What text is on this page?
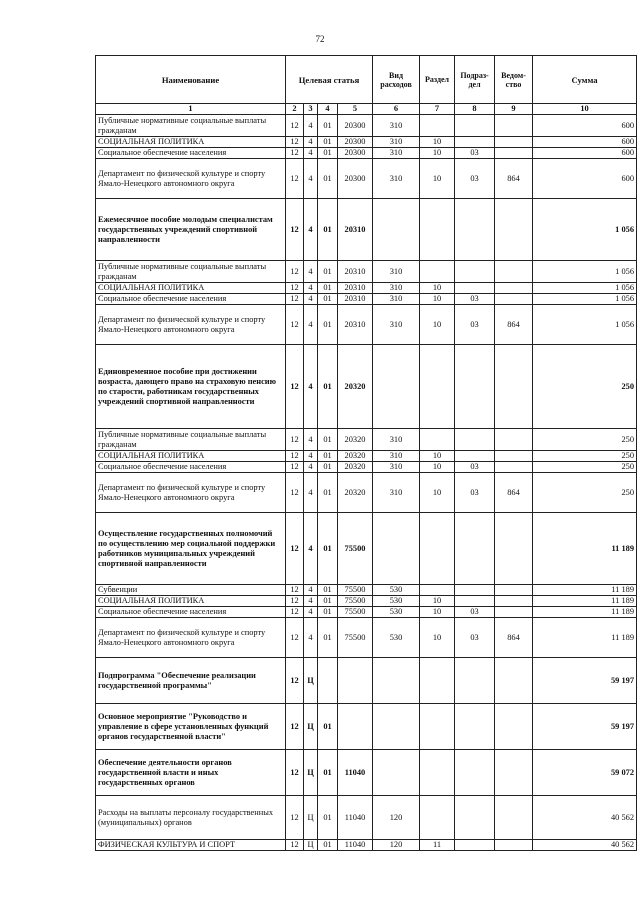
72
Наименование	Целевая статья				Вид расходов	Раздел	Подраз-дел	Ведом-ство	Сумма
1	2	3	4	5	6	7	8	9	10
Публичные нормативные социальные выплаты гражданам	12	4	01	20300	310				600
СОЦИАЛЬНАЯ ПОЛИТИКА	12	4	01	20300	310	10			600
Социальное обеспечение населения	12	4	01	20300	310	10	03		600
Департамент по физической культуре и спорту Ямало-Ненецкого автономного округа	12	4	01	20300	310	10	03	864	600
Ежемесячное пособие молодым специалистам государственных учреждений спортивной направленности	12	4	01	20310					1 056
Публичные нормативные социальные выплаты гражданам	12	4	01	20310	310				1 056
СОЦИАЛЬНАЯ ПОЛИТИКА	12	4	01	20310	310	10			1 056
Социальное обеспечение населения	12	4	01	20310	310	10	03		1 056
Департамент по физической культуре и спорту Ямало-Ненецкого автономного округа	12	4	01	20310	310	10	03	864	1 056
Единовременное пособие при достижении возраста, дающего право на страховую пенсию по старости, работникам государственных учреждений спортивной направленности	12	4	01	20320					250
Публичные нормативные социальные выплаты гражданам	12	4	01	20320	310				250
СОЦИАЛЬНАЯ ПОЛИТИКА	12	4	01	20320	310	10			250
Социальное обеспечение населения	12	4	01	20320	310	10	03		250
Департамент по физической культуре и спорту Ямало-Ненецкого автономного округа	12	4	01	20320	310	10	03	864	250
Осуществление государственных полномочий по осуществлению мер социальной поддержки работников муниципальных учреждений спортивной направленности	12	4	01	75500					11 189
Субвенции	12	4	01	75500	530				11 189
СОЦИАЛЬНАЯ ПОЛИТИКА	12	4	01	75500	530	10			11 189
Социальное обеспечение населения	12	4	01	75500	530	10	03		11 189
Департамент по физической культуре и спорту Ямало-Ненецкого автономного округа	12	4	01	75500	530	10	03	864	11 189
Подпрограмма "Обеспечение реализации государственной программы"	12	Ц							59 197
Основное мероприятие "Руководство и управление в сфере установленных функций органов государственной власти"	12	Ц	01						59 197
Обеспечение деятельности органов государственной власти и иных государственных органов	12	Ц	01	11040					59 072
Расходы на выплаты персоналу государственных (муниципальных) органов	12	Ц	01	11040	120				40 562
ФИЗИЧЕСКАЯ КУЛЬТУРА И СПОРТ	12	Ц	01	11040	120	11			40 562
